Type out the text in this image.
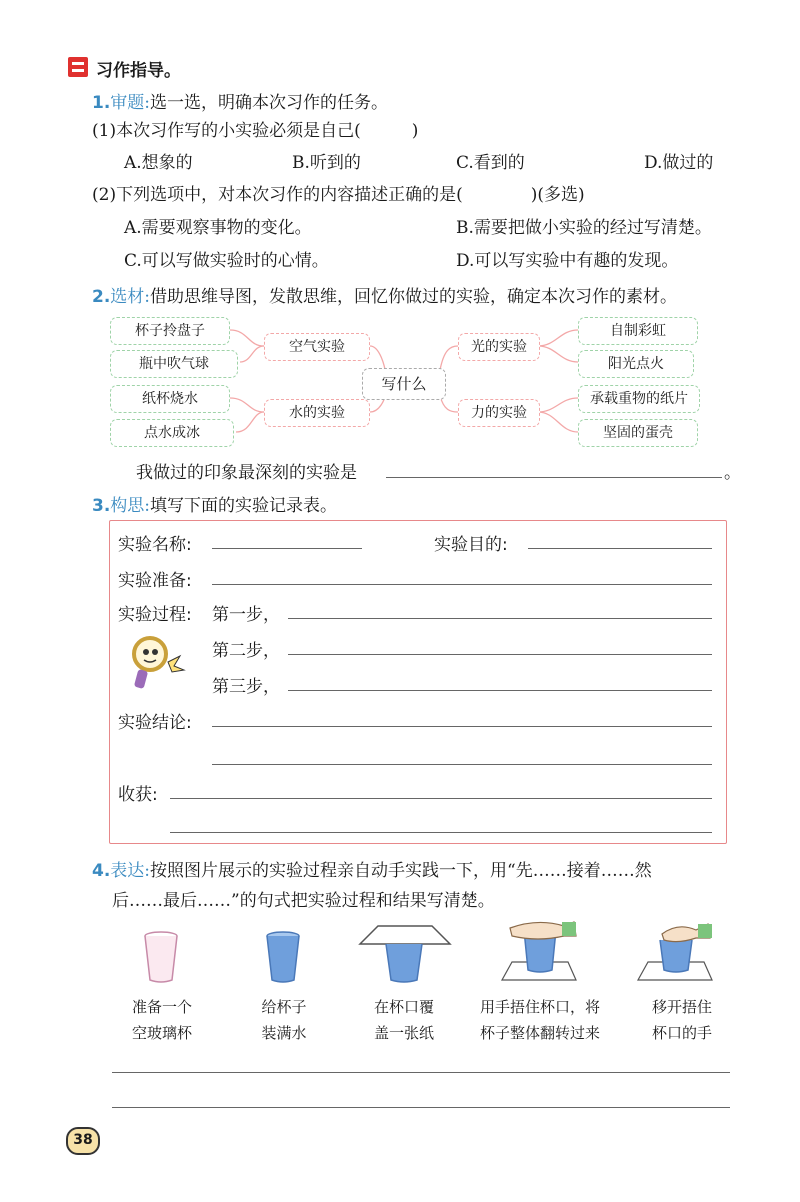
习作指导。
1.审题:选一选，明确本次习作的任务。
(1)本次习作写的小实验必须是自己(　　　)
A.想象的	B.听到的	C.看到的	D.做过的
(2)下列选项中，对本次习作的内容描述正确的是(　　　　)(多选)
A.需要观察事物的变化。	B.需要把做小实验的经过写清楚。
C.可以写做实验时的心情。	D.可以写实验中有趣的发现。
2.选材:借助思维导图，发散思维，回忆你做过的实验，确定本次习作的素材。
杯子拎盘子
瓶中吹气球
空气实验
纸杯烧水
点水成冰
水的实验
写什么
光的实验
力的实验
自制彩虹
阳光点火
承载重物的纸片
坚固的蛋壳
我做过的印象最深刻的实验是	。
3.构思:填写下面的实验记录表。
实验名称:	实验目的:
实验准备:
实验过程: 第一步，
第二步，
第三步，
实验结论:
收获:
4.表达:按照图片展示的实验过程亲自动手实践一下，用“先……接着……然
后……最后……”的句式把实验过程和结果写清楚。
准备一个
空玻璃杯
给杯子
装满水
在杯口覆
盖一张纸
用手捂住杯口，将
杯子整体翻转过来
移开捂住
杯口的手
38
